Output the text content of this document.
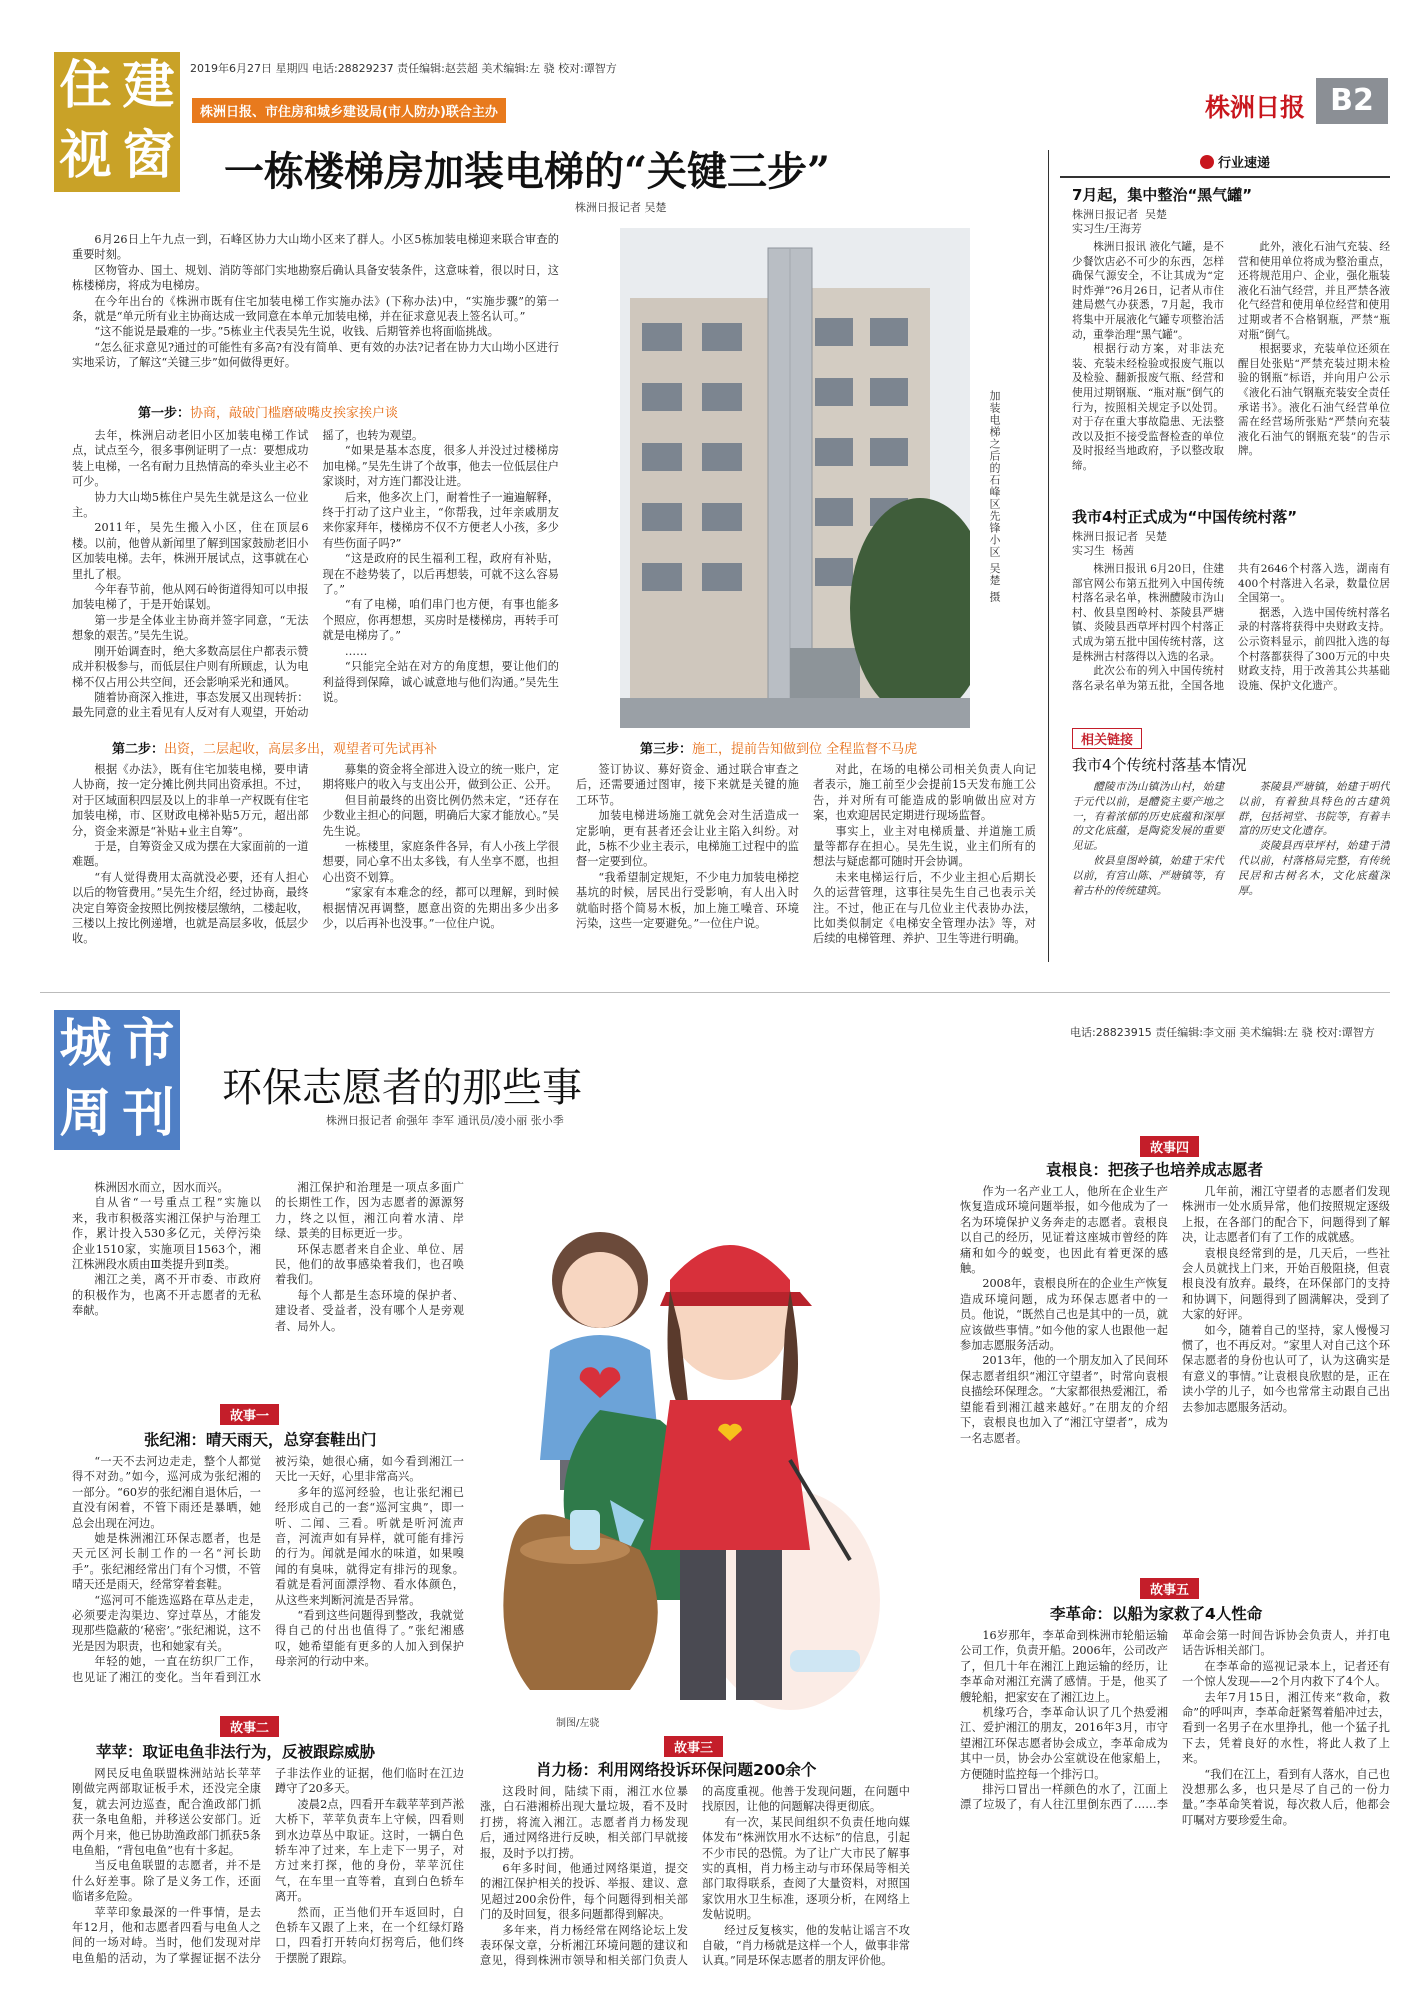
2019年6月27日 星期四 电话:28829237 责任编辑:赵芸超 美术编辑:左 骁 校对:谭智方
住 建
视 窗
株洲日报、市住房和城乡建设局(市人防办)联合主办	株洲日报 B2
一栋楼梯房加装电梯的“关键三步”
株洲日报记者 吴楚

6月26日上午九点一到，石峰区协力大山坳小区来了群人。小区5栋加装电梯迎来联合审查的重要时刻。

区物管办、国土、规划、消防等部门实地勘察后确认具备安装条件，这意味着，很以时日，这栋楼梯房，将成为电梯房。

在今年出台的《株洲市既有住宅加装电梯工作实施办法》(下称办法)中，“实施步骤”的第一条，就是“单元所有业主协商达成一致同意在本单元加装电梯，并在征求意见表上签名认可。”

“这不能说是最难的一步。”5栋业主代表吴先生说，收钱、后期管养也将面临挑战。

“怎么征求意见?通过的可能性有多高?有没有简单、更有效的办法?记者在协力大山坳小区进行实地采访，了解这“关键三步”如何做得更好。

第一步：协商，敲破门槛磨破嘴皮挨家挨户谈

去年，株洲启动老旧小区加装电梯工作试点，试点至今，很多事例证明了一点：要想成功装上电梯，一名有耐力且热情高的牵头业主必不可少。

协力大山坳5栋住户吴先生就是这么一位业主。

2011年，吴先生搬入小区，住在顶层6楼。以前，他曾从新闻里了解到国家鼓励老旧小区加装电梯。去年，株洲开展试点，这事就在心里扎了根。

今年春节前，他从网石岭街道得知可以申报加装电梯了，于是开始谋划。

第一步是全体业主协商并签字同意，“无法想象的艰苦。”吴先生说。

刚开始调查时，绝大多数高层住户都表示赞成并积极参与，而低层住户则有所顾虑，认为电梯不仅占用公共空间，还会影响采光和通风。

随着协商深入推进，事态发展又出现转折：最先同意的业主看见有人反对有人观望，开始动摇了，也转为观望。

“如果是基本态度，很多人并没过过楼梯房加电梯。”吴先生讲了个故事，他去一位低层住户家谈时，对方连门都没让进。

后来，他多次上门，耐着性子一遍遍解释，终于打动了这户业主，“你帮我，过年亲戚朋友来你家拜年，楼梯房不仅不方便老人小孩，多少有些伤面子吗?”

“这是政府的民生福利工程，政府有补贴，现在不趁势装了，以后再想装，可就不这么容易了。”

“有了电梯，咱们串门也方便，有事也能多个照应，你再想想，买房时是楼梯房，再转手可就是电梯房了。”

……

“只能完全站在对方的角度想，要让他们的利益得到保障，诚心诚意地与他们沟通。”吴先生说。

加装电梯之后的石峰区先锋小区 吴楚 摄
第二步：出资，二层起收，高层多出，观望者可先试再补

根据《办法》，既有住宅加装电梯，要申请人协商，按一定分摊比例共同出资承担。不过，对于区域面积四层及以上的非单一产权既有住宅加装电梯，市、区财政电梯补贴5万元，超出部分，资金来源是“补贴+业主自筹”。

于是，自筹资金又成为摆在大家面前的一道难题。

“有人觉得费用太高就没必要，还有人担心以后的物管费用。”吴先生介绍，经过协商，最终决定自筹资金按照比例按楼层缴纳，二楼起收，三楼以上按比例递增，也就是高层多收，低层少收。

募集的资金将全部进入设立的统一账户，定期将账户的收入与支出公开，做到公正、公开。

但目前最终的出资比例仍然未定，“还存在少数业主担心的问题，明确后大家才能放心。”吴先生说。

一栋楼里，家庭条件各异，有人小孩上学很想要，同心拿不出太多钱，有人坐享不愿，也担心出资不划算。

“家家有本难念的经，都可以理解，到时候根据情况再调整，愿意出资的先期出多少出多少，以后再补也没事。”一位住户说。

第三步：施工，提前告知做到位 全程监督不马虎

签订协议、募好资金、通过联合审查之后，还需要通过图审，接下来就是关键的施工环节。

加装电梯进场施工就免会对生活造成一定影响，更有甚者还会让业主陷入纠纷。对此，5栋不少业主表示，电梯施工过程中的监督一定要到位。

“我希望制定规矩，不少电力加装电梯挖基坑的时候，居民出行受影响，有人出入时就临时搭个简易木板，加上施工噪音、环境污染，这些一定要避免。”一位住户说。

对此，在场的电梯公司相关负责人向记者表示，施工前至少会提前15天发布施工公告，并对所有可能造成的影响做出应对方案，也欢迎居民定期进行现场监督。

事实上，业主对电梯质量、并道施工质量等都存在担心。吴先生说，业主们所有的想法与疑虑都可随时开会协调。

未来电梯运行后，不少业主担心后期长久的运营管理，这事往吴先生自己也表示关注。不过，他正在与几位业主代表协办法，比如类似制定《电梯安全管理办法》等，对后续的电梯管理、养护、卫生等进行明确。

行业速递
7月起，集中整治“黑气罐”
株洲日报记者  吴楚
实习生/王海芳

株洲日报讯 液化气罐，是不少餐饮店必不可少的东西，怎样确保气源安全，不让其成为“定时炸弹”?6月26日，记者从市住建局燃气办获悉，7月起，我市将集中开展液化气罐专项整治活动，重拳治理“黑气罐”。

根据行动方案，对非法充装、充装未经检验或报废气瓶以及检验、翻新报废气瓶、经营和使用过期钢瓶、“瓶对瓶”倒气的行为，按照相关规定予以处罚。对于存在重大事故隐患、无法整改以及拒不接受监督检查的单位及时报经当地政府，予以整改取缔。

此外，液化石油气充装、经营和使用单位将成为整治重点，还将规范用户、企业，强化瓶装液化石油气经营，并且严禁各液化气经营和使用单位经营和使用过期或者不合格钢瓶，严禁“瓶对瓶”倒气。

根据要求，充装单位还须在醒目处张贴“严禁充装过期未检验的钢瓶”标语，并向用户公示《液化石油气钢瓶充装安全责任承诺书》。液化石油气经营单位需在经营场所张贴“严禁向充装液化石油气的钢瓶充装”的告示牌。

我市4村正式成为“中国传统村落”
株洲日报记者  吴楚
实习生  杨茜

株洲日报讯 6月20日，住建部官网公布第五批列入中国传统村落名录名单，株洲醴陵市沩山村、攸县皇图岭村、茶陵县严塘镇、炎陵县西草坪村四个村落正式成为第五批中国传统村落，这是株洲古村落得以入选的名录。

此次公布的列入中国传统村落名录名单为第五批，全国各地共有2646个村落入选，湖南有400个村落进入名录，数量位居全国第一。

据悉，入选中国传统村落名录的村落将获得中央财政支持。公示资料显示，前四批入选的每个村落都获得了300万元的中央财政支持，用于改善其公共基础设施、保护文化遗产。

相关链接
我市4个传统村落基本情况

醴陵市沩山镇沩山村，始建于元代以前，是醴瓷主要产地之一，有着浓郁的历史底蕴和深厚的文化底蕴，是陶瓷发展的重要见证。

攸县皇图岭镇，始建于宋代以前，有宫山陈、严塘镇等，有着古朴的传统建筑。

茶陵县严塘镇，始建于明代以前，有着独具特色的古建筑群，包括祠堂、书院等，有着丰富的历史文化遗存。

炎陵县西草坪村，始建于清代以前，村落格局完整，有传统民居和古树名木，文化底蕴深厚。

电话:28823915 责任编辑:李文丽 美术编辑:左 骁 校对:谭智方
城 市
周 刊 环保志愿者的那些事
株洲日报记者 俞强年 李军 通讯员/凌小丽 张小季

株洲因水而立，因水而兴。

自从省“一号重点工程”实施以来，我市积极落实湘江保护与治理工作，累计投入530多亿元，关停污染企业1510家，实施项目1563个，湘江株洲段水质由Ⅲ类提升到Ⅱ类。

湘江之美，离不开市委、市政府的积极作为，也离不开志愿者的无私奉献。

湘江保护和治理是一项点多面广的长期性工作，因为志愿者的源源努力，终之以恒，湘江向着水清、岸绿、景美的目标更近一步。

环保志愿者来自企业、单位、居民，他们的故事感染着我们，也召唤着我们。

每个人都是生态环境的保护者、建设者、受益者，没有哪个人是旁观者、局外人。

制图/左骁
故事一
张纪湘：晴天雨天，总穿套鞋出门

“一天不去河边走走，整个人都觉得不对劲。”如今，巡河成为张纪湘的一部分。“60岁的张纪湘自退休后，一直没有闲着，不管下雨还是暴晒，她总会出现在河边。

她是株洲湘江环保志愿者，也是天元区河长制工作的一名“河长助手”。张纪湘经常出门有个习惯，不管晴天还是雨天，经常穿着套鞋。

“巡河可不能选巡路在草丛走走，必须要走沟渠边、穿过草丛，才能发现那些隐蔽的‘秘密’。”张纪湘说，这不光是因为职责，也和她家有关。

年轻的她，一直在纺织厂工作，也见证了湘江的变化。当年看到江水被污染，她很心痛，如今看到湘江一天比一天好，心里非常高兴。

多年的巡河经验，也让张纪湘已经形成自己的一套“巡河宝典”，即一听、二闻、三看。听就是听河流声音，河流声如有异样，就可能有排污的行为。闻就是闻水的味道，如果嗅闻的有臭味，就得定有排污的现象。看就是看河面漂浮物、看水体颜色，从这些来判断河流是否异常。

“看到这些问题得到整改，我就觉得自己的付出也值得了。”张纪湘感叹，她希望能有更多的人加入到保护母亲河的行动中来。

故事二
苹苹：取证电鱼非法行为，反被跟踪威胁

网民反电鱼联盟株洲站站长苹苹刚做完两部取证板手术，还没完全康复，就去河边巡查，配合渔政部门抓获一条电鱼船，并移送公安部门。近两个月来，他已协助渔政部门抓获5条电鱼船，“背包电鱼”也有十多起。

当反电鱼联盟的志愿者，并不是什么好差事。除了是义务工作，还面临诸多危险。

苹苹印象最深的一件事情，是去年12月，他和志愿者四看与电鱼人之间的一场对峙。当时，他们发现对岸电鱼船的活动，为了掌握证据不法分子非法作业的证据，他们临时在江边蹲守了20多天。

凌晨2点，四看开车载苹苹到芦淞大桥下，苹苹负责车上守候，四看则到水边草丛中取证。这时，一辆白色轿车冲了过来，车上走下一男子，对方过来打探，他的身份，苹苹沉住气，在车里一直等着，直到白色轿车离开。

然而，正当他们开车返回时，白色轿车又跟了上来，在一个红绿灯路口，四看打开转向灯拐弯后，他们终于摆脱了跟踪。

故事三
肖力杨：利用网络投诉环保问题200余个

这段时间，陆续下雨，湘江水位暴涨，白石港湘桥出现大量垃圾，看不及时打捞，将流入湘江。志愿者肖力杨发现后，通过网络进行反映，相关部门早就接报，及时予以打捞。

6年多时间，他通过网络渠道，提交的湘江保护相关的投诉、举报、建议、意见超过200余份件，每个问题得到相关部门的及时回复，很多问题都得到解决。

多年来，肖力杨经常在网络论坛上发表环保文章，分析湘江环境问题的建议和意见，得到株洲市领导和相关部门负责人的高度重视。他善于发现问题，在问题中找原因，让他的问题解决得更彻底。

有一次，某民间组织不负责任地向媒体发布“株洲饮用水不达标”的信息，引起不少市民的恐慌。为了让广大市民了解事实的真相，肖力杨主动与市环保局等相关部门取得联系，查阅了大量资料，对照国家饮用水卫生标准，逐项分析，在网络上发帖说明。

经过反复核实，他的发帖让谣言不攻自破，“肖力杨就是这样一个人，做事非常认真。”同是环保志愿者的朋友评价他。

故事四
袁根良：把孩子也培养成志愿者

作为一名产业工人，他所在企业生产恢复造成环境问题举报，如今他成为了一名为环境保护义务奔走的志愿者。袁根良以自己的经历，见证着这座城市曾经的阵痛和如今的蜕变，也因此有着更深的感触。

2008年，袁根良所在的企业生产恢复造成环境问题，成为环保志愿者中的一员。他说，“既然自己也是其中的一员，就应该做些事情。”如今他的家人也跟他一起参加志愿服务活动。

2013年，他的一个朋友加入了民间环保志愿者组织“湘江守望者”，时常向袁根良描绘环保理念。“大家都很热爱湘江，希望能看到湘江越来越好。”在朋友的介绍下，袁根良也加入了“湘江守望者”，成为一名志愿者。

几年前，湘江守望者的志愿者们发现株洲市一处水质异常，他们按照规定逐级上报，在各部门的配合下，问题得到了解决，让志愿者们有了工作的成就感。

袁根良经常到的是，几天后，一些社会人员就找上门来，开始百般阻挠，但袁根良没有放弃。最终，在环保部门的支持和协调下，问题得到了圆满解决，受到了大家的好评。

如今，随着自己的坚持，家人慢慢习惯了，也不再反对。“家里人对自己这个环保志愿者的身份也认可了，认为这确实是有意义的事情。”让袁根良欣慰的是，正在读小学的儿子，如今也常常主动跟自己出去参加志愿服务活动。

故事五
李革命：以船为家救了4人性命

16岁那年，李革命到株洲市轮船运输公司工作，负责开船。2006年，公司改产了，但几十年在湘江上跑运输的经历，让李革命对湘江充满了感情。于是，他买了艘轮船，把家安在了湘江边上。

机缘巧合，李革命认识了几个热爱湘江、爱护湘江的朋友，2016年3月，市守望湘江环保志愿者协会成立，李革命成为其中一员，协会办公室就设在他家船上，方便随时监控每一个排污口。

排污口冒出一样颜色的水了，江面上漂了垃圾了，有人往江里倒东西了……李革命会第一时间告诉协会负责人，并打电话告诉相关部门。

在李革命的巡视记录本上，记者还有一个惊人发现——2个月内救下了4个人。

去年7月15日，湘江传来“救命，救命”的呼叫声，李革命赶紧驾着船冲过去，看到一名男子在水里挣扎，他一个猛子扎下去，凭着良好的水性，将此人救了上来。

“我们在江上，看到有人落水，自己也没想那么多，也只是尽了自己的一份力量。”李革命笑着说，每次救人后，他都会叮嘱对方要珍爱生命。
